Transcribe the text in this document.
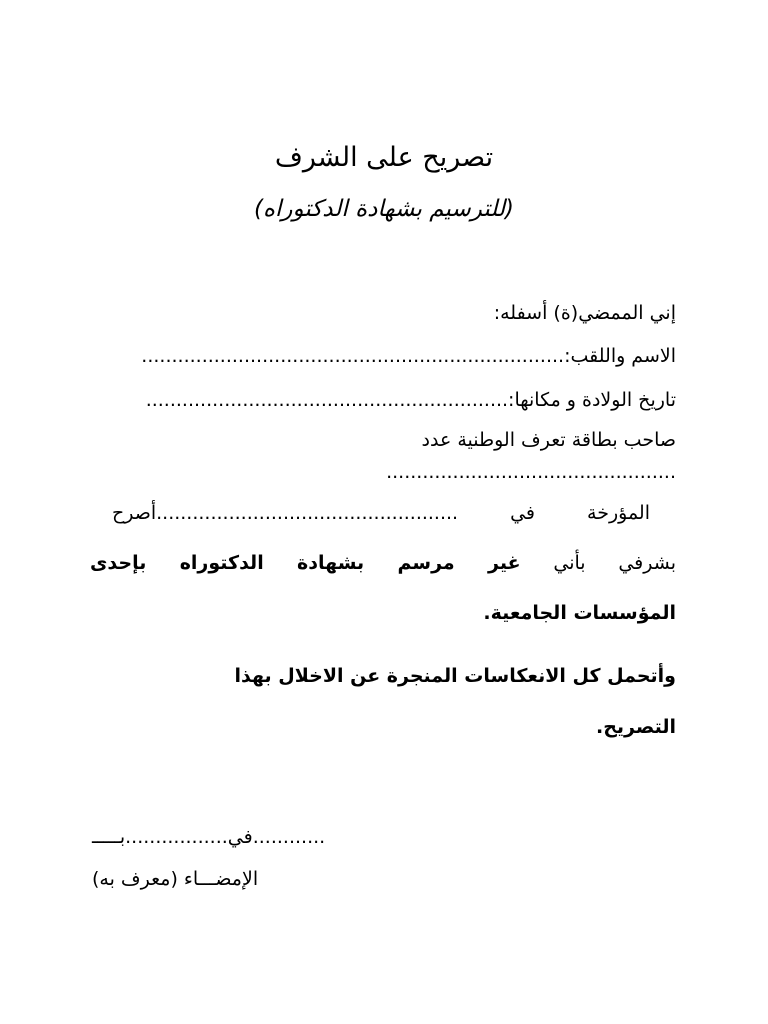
تصريح على الشرف
(للترسيم بشهادة الدكتوراه)
إني الممضي(ة) أسفله:
الاسم واللقب:......................................................................
تاريخ الولادة و مكانها:............................................................
صاحب بطاقة تعرف الوطنية عدد
................................................
المؤرخةفي..................................................أصرح
بشرفي بأني غير مرسم بشهادة الدكتوراه بإحدى
المؤسسات الجامعية.
وأتحمل كل الانعكاسات المنجرة عن الاخلال بهذا
التصريح.
في.................بـــــ............
الإمضـــاء (معرف به)
